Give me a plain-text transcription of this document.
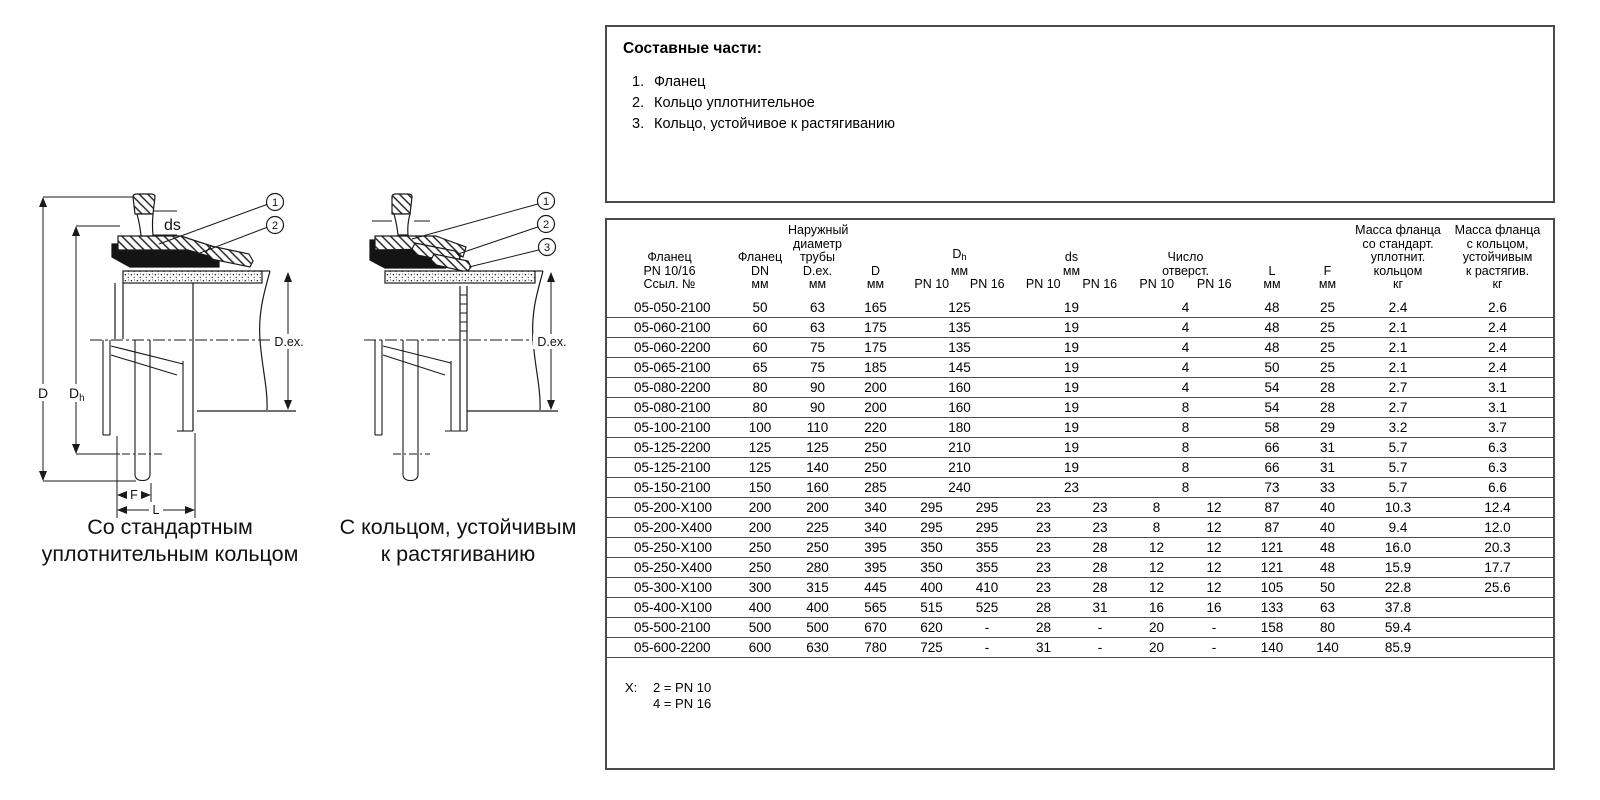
D $D_h$
ds
D.ex.
F
L
1
2
Со стандартным
уплотнительным кольцом
D.ex.
1
2
3
С кольцом, устойчивым
к растягиванию
Составные части:
1. Фланец
2. Кольцо уплотнительное
3. Кольцо, устойчивое к растягиванию
Фланец
PN 10/16
Ссыл. №

Фланец
DN
мм

Наружный
диаметр
трубы
D.ex.
мм

D
мм

$D_h$
мм
PN 10	PN 16

ds
мм
PN 10	PN 16

Число
отверст.
PN 10	PN 16

L
мм

F
мм

Масса фланца
со стандарт.
уплотнит.
кольцом
кг

Масса фланца
с кольцом,
устойчивым
к растягив.
кг

05-050-2100	50	63	165	125		19		4		48	25	2.4	2.6
05-060-2100	60	63	175	135		19		4		48	25	2.1	2.4
05-060-2200	60	75	175	135		19		4		48	25	2.1	2.4
05-065-2100	65	75	185	145		19		4		50	25	2.1	2.4
05-080-2200	80	90	200	160		19		4		54	28	2.7	3.1
05-080-2100	80	90	200	160		19		8		54	28	2.7	3.1
05-100-2100	100	110	220	180		19		8		58	29	3.2	3.7
05-125-2200	125	125	250	210		19		8		66	31	5.7	6.3
05-125-2100	125	140	250	210		19		8		66	31	5.7	6.3
05-150-2100	150	160	285	240		23		8		73	33	5.7	6.6
05-200-X100	200	200	340	295	295	23	23	8	12	87	40	10.3	12.4
05-200-X400	200	225	340	295	295	23	23	8	12	87	40	9.4	12.0
05-250-X100	250	250	395	350	355	23	28	12	12	121	48	16.0	20.3
05-250-X400	250	280	395	350	355	23	28	12	12	121	48	15.9	17.7
05-300-X100	300	315	445	400	410	23	28	12	12	105	50	22.8	25.6
05-400-X100	400	400	565	515	525	28	31	16	16	133	63	37.8	
05-500-2100	500	500	670	620	-	28	-	20	-	158	80	59.4	
05-600-2200	600	630	780	725	-	31	-	20	-	140	140	85.9	
X:	2 = PN 10
4 = PN 16
